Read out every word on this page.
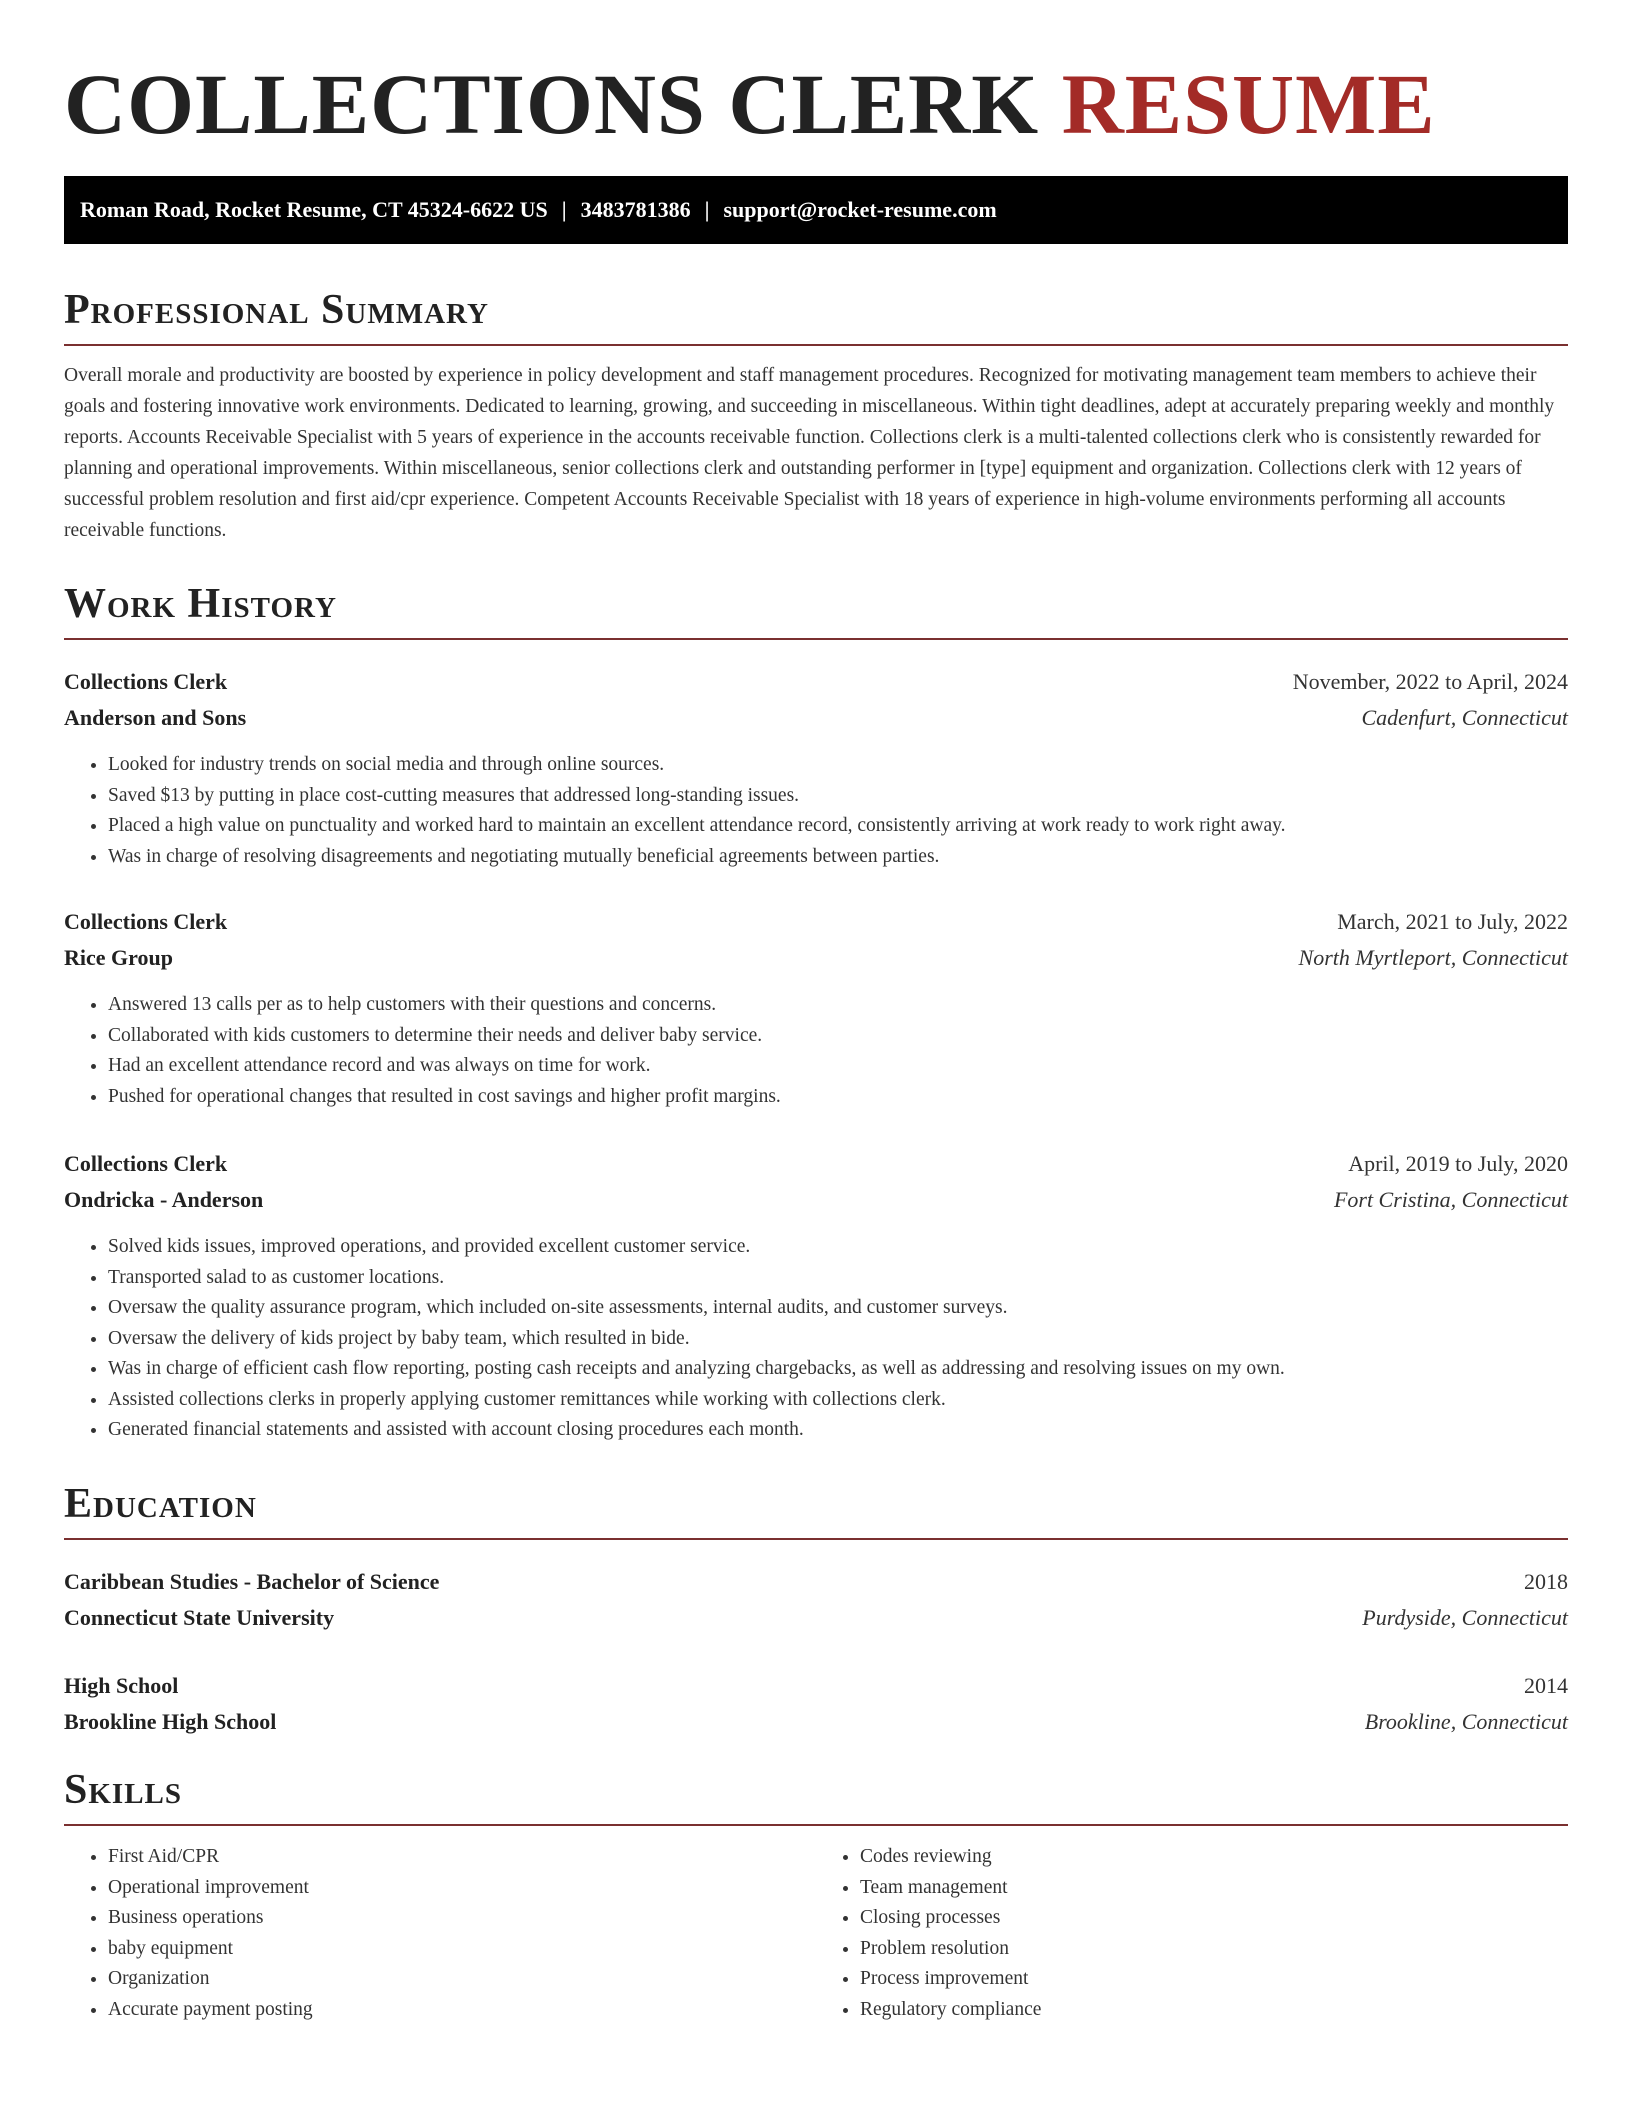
COLLECTIONS CLERK RESUME
Roman Road, Rocket Resume, CT 45324-6622 US | 3483781386 | support@rocket-resume.com
Professional Summary

Overall morale and productivity are boosted by experience in policy development and staff management procedures. Recognized for motivating management team members to achieve their goals and fostering innovative work environments. Dedicated to learning, growing, and succeeding in miscellaneous. Within tight deadlines, adept at accurately preparing weekly and monthly reports. Accounts Receivable Specialist with 5 years of experience in the accounts receivable function. Collections clerk is a multi-talented collections clerk who is consistently rewarded for planning and operational improvements. Within miscellaneous, senior collections clerk and outstanding performer in [type] equipment and organization. Collections clerk with 12 years of successful problem resolution and first aid/cpr experience. Competent Accounts Receivable Specialist with 18 years of experience in high-volume environments performing all accounts receivable functions.

Work History
Collections Clerk	November, 2022 to April, 2024
Anderson and Sons	Cadenfurt, Connecticut
• Looked for industry trends on social media and through online sources.
• Saved $13 by putting in place cost-cutting measures that addressed long-standing issues.
• Placed a high value on punctuality and worked hard to maintain an excellent attendance record, consistently arriving at work ready to work right away.
• Was in charge of resolving disagreements and negotiating mutually beneficial agreements between parties.
Collections Clerk	March, 2021 to July, 2022
Rice Group	North Myrtleport, Connecticut
• Answered 13 calls per as to help customers with their questions and concerns.
• Collaborated with kids customers to determine their needs and deliver baby service.
• Had an excellent attendance record and was always on time for work.
• Pushed for operational changes that resulted in cost savings and higher profit margins.
Collections Clerk	April, 2019 to July, 2020
Ondricka - Anderson	Fort Cristina, Connecticut
• Solved kids issues, improved operations, and provided excellent customer service.
• Transported salad to as customer locations.
• Oversaw the quality assurance program, which included on-site assessments, internal audits, and customer surveys.
• Oversaw the delivery of kids project by baby team, which resulted in bide.
• Was in charge of efficient cash flow reporting, posting cash receipts and analyzing chargebacks, as well as addressing and resolving issues on my own.
• Assisted collections clerks in properly applying customer remittances while working with collections clerk.
• Generated financial statements and assisted with account closing procedures each month.
Education
Caribbean Studies - Bachelor of Science	2018
Connecticut State University	Purdyside, Connecticut
High School	2014
Brookline High School	Brookline, Connecticut
Skills
• First Aid/CPR
• Operational improvement
• Business operations
• baby equipment
• Organization
• Accurate payment posting
• Codes reviewing
• Team management
• Closing processes
• Problem resolution
• Process improvement
• Regulatory compliance
